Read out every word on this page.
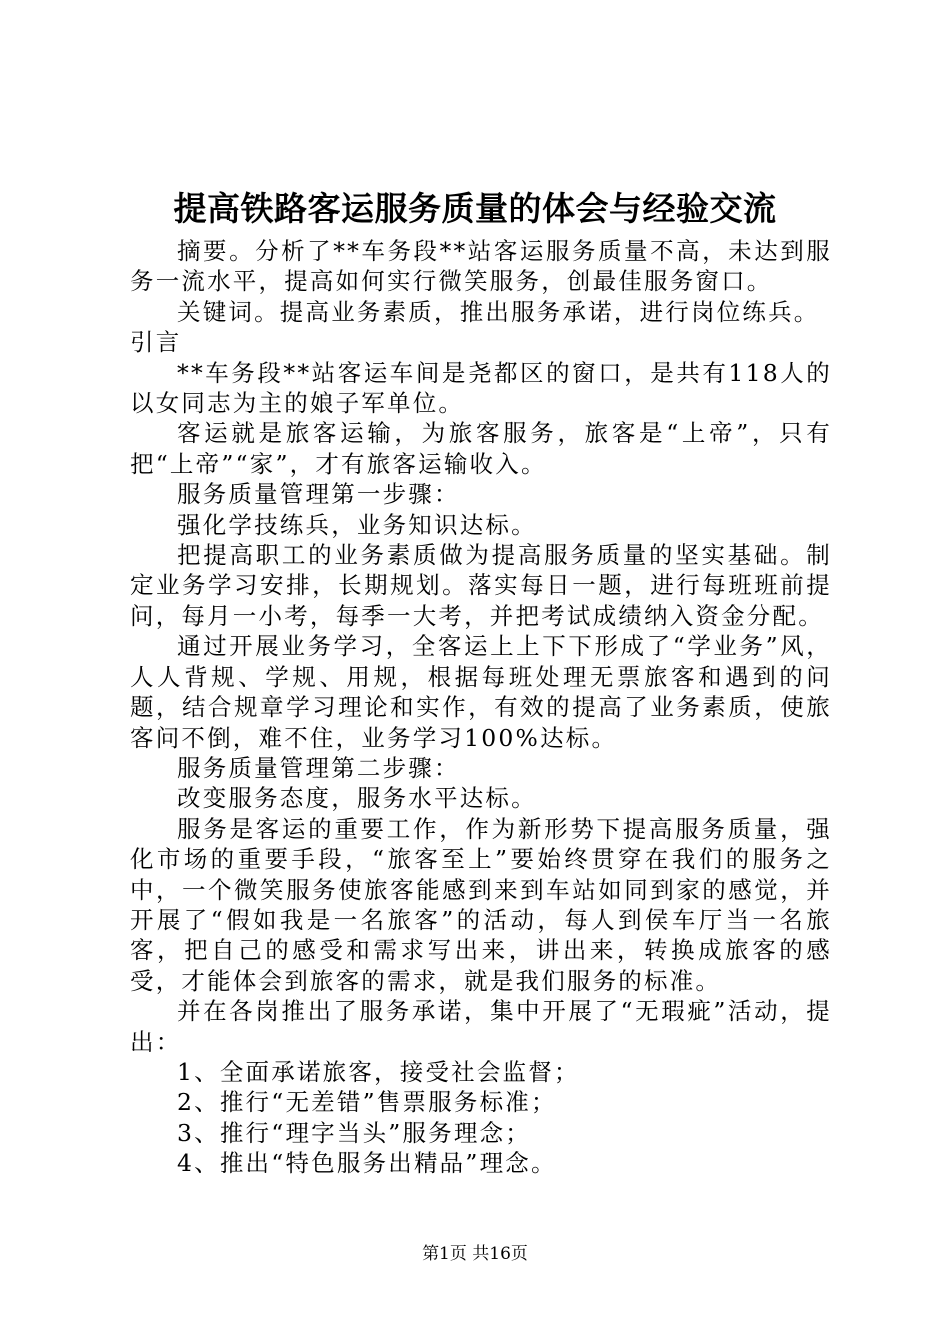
提高铁路客运服务质量的体会与经验交流

摘要。分析了**车务段**站客运服务质量不高，未达到服务一流水平，提高如何实行微笑服务，创最佳服务窗口。

关键词。提高业务素质，推出服务承诺，进行岗位练兵。

引言

**车务段**站客运车间是尧都区的窗口，是共有118人的以女同志为主的娘子军单位。

客运就是旅客运输，为旅客服务，旅客是“上帝”，只有把“上帝”“家”，才有旅客运输收入。

服务质量管理第一步骤：

强化学技练兵，业务知识达标。

把提高职工的业务素质做为提高服务质量的坚实基础。制定业务学习安排，长期规划。落实每日一题，进行每班班前提问，每月一小考，每季一大考，并把考试成绩纳入资金分配。

通过开展业务学习，全客运上上下下形成了“学业务”风，人人背规、学规、用规，根据每班处理无票旅客和遇到的问题，结合规章学习理论和实作，有效的提高了业务素质，使旅客问不倒，难不住，业务学习100%达标。

服务质量管理第二步骤：

改变服务态度，服务水平达标。

服务是客运的重要工作，作为新形势下提高服务质量，强化市场的重要手段，“旅客至上”要始终贯穿在我们的服务之中，一个微笑服务使旅客能感到来到车站如同到家的感觉，并开展了“假如我是一名旅客”的活动，每人到侯车厅当一名旅客，把自己的感受和需求写出来，讲出来，转换成旅客的感受，才能体会到旅客的需求，就是我们服务的标准。

并在各岗推出了服务承诺，集中开展了“无瑕疵”活动，提出：

1、全面承诺旅客，接受社会监督；

2、推行“无差错”售票服务标准；

3、推行“理字当头”服务理念；

4、推出“特色服务出精品”理念。

第1页 共16页
